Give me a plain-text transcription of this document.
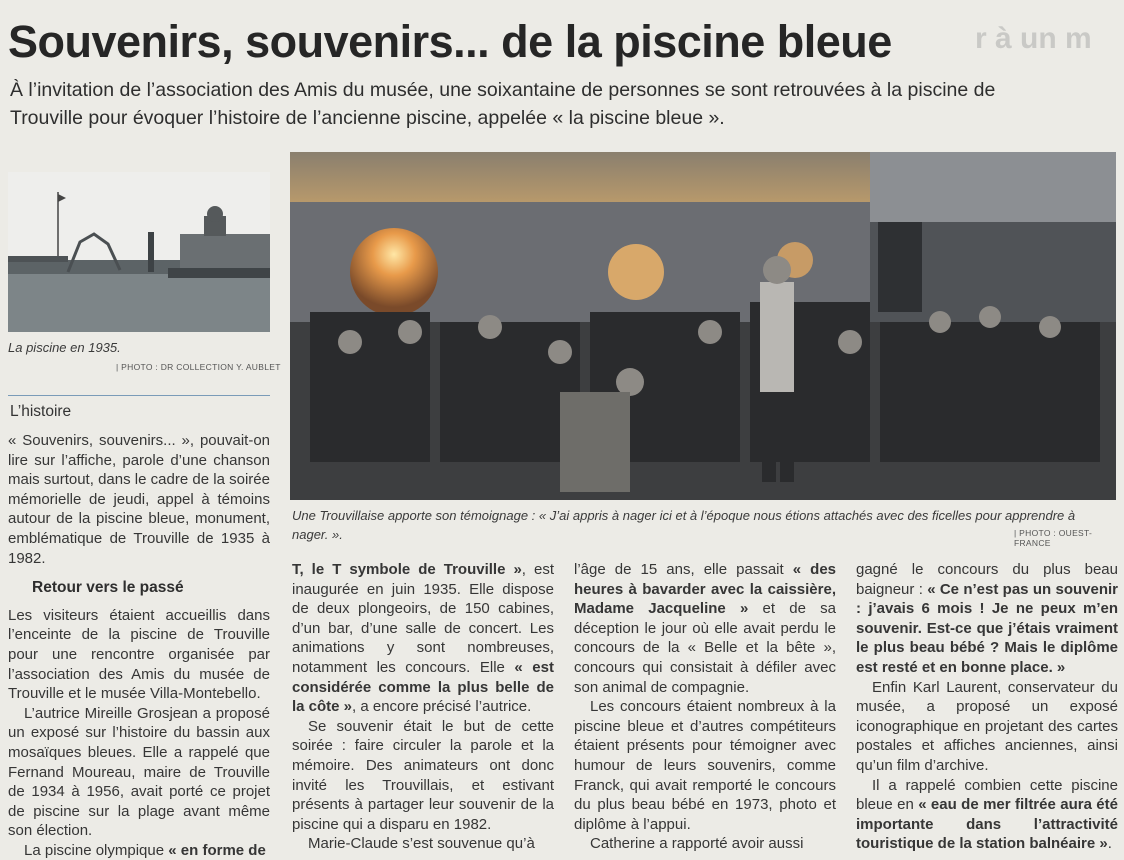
r à un m
Souvenirs, souvenirs... de la piscine bleue
À l’invitation de l’association des Amis du musée, une soixantaine de personnes se sont retrouvées à la piscine de Trouville pour évoquer l’histoire de l’ancienne piscine, appelée « la piscine bleue ».
La piscine en 1935.
| PHOTO : DR COLLECTION Y. AUBLET
L’histoire

« Souvenirs, souvenirs... », pouvait-on lire sur l’affiche, parole d’une chanson mais surtout, dans le cadre de la soirée mémorielle de jeudi, appel à témoins autour de la piscine bleue, monument, emblématique de Trouville de 1935 à 1982.

Retour vers le passé

Les visiteurs étaient accueillis dans l’enceinte de la piscine de Trouville pour une rencontre organisée par l’association des Amis du musée de Trouville et le musée Villa-Montebello.

L’autrice Mireille Grosjean a proposé un exposé sur l’histoire du bassin aux mosaïques bleues. Elle a rappelé que Fernand Moureau, maire de Trouville de 1934 à 1956, avait porté ce projet de piscine sur la plage avant même son élection.

La piscine olympique « en forme de

Une Trouvillaise apporte son témoignage : « J’ai appris à nager ici et à l’époque nous étions attachés avec des ficelles pour apprendre à nager. ».	| PHOTO : OUEST-FRANCE

T, le T symbole de Trouville », est inaugurée en juin 1935. Elle dispose de deux plongeoirs, de 150 cabines, d’un bar, d’une salle de concert. Les animations y sont nombreuses, notamment les concours. Elle « est considérée comme la plus belle de la côte », a encore précisé l’autrice.

Se souvenir était le but de cette soirée : faire circuler la parole et la mémoire. Des animateurs ont donc invité les Trouvillais, et estivant présents à partager leur souvenir de la piscine qui a disparu en 1982.

Marie-Claude s’est souvenue qu’à

l’âge de 15 ans, elle passait « des heures à bavarder avec la caissière, Madame Jacqueline » et de sa déception le jour où elle avait perdu le concours de la « Belle et la bête », concours qui consistait à défiler avec son animal de compagnie.

Les concours étaient nombreux à la piscine bleue et d’autres compétiteurs étaient présents pour témoigner avec humour de leurs souvenirs, comme Franck, qui avait remporté le concours du plus beau bébé en 1973, photo et diplôme à l’appui.

Catherine a rapporté avoir aussi

gagné le concours du plus beau baigneur : « Ce n’est pas un souvenir : j’avais 6 mois ! Je ne peux m’en souvenir. Est-ce que j’étais vraiment le plus beau bébé ? Mais le diplôme est resté et en bonne place. »

Enfin Karl Laurent, conservateur du musée, a proposé un exposé iconographique en projetant des cartes postales et affiches anciennes, ainsi qu’un film d’archive.

Il a rappelé combien cette piscine bleue en « eau de mer filtrée aura été importante dans l’attractivité touristique de la station balnéaire ».
